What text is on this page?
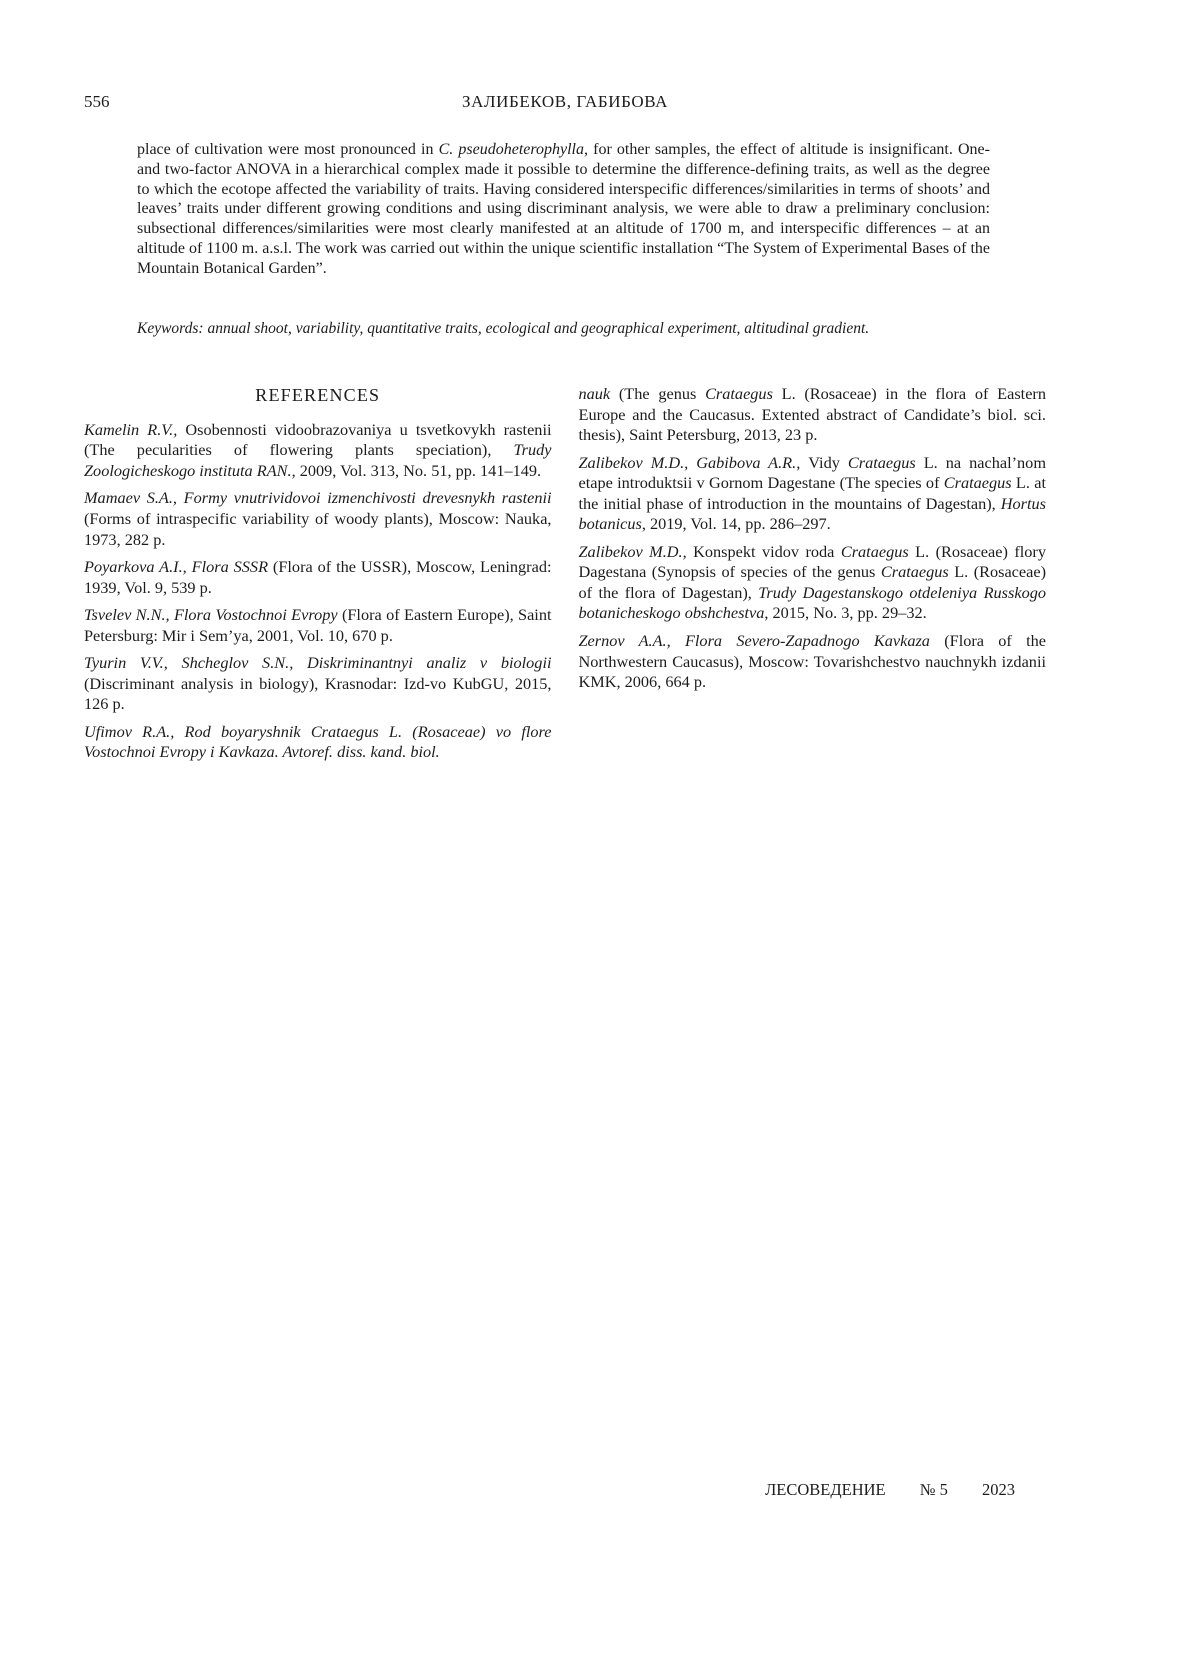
556	ЗАЛИБЕКОВ, ГАБИБОВА

place of cultivation were most pronounced in C. pseudoheterophylla, for other samples, the effect of altitude is insignificant. One- and two-factor ANOVA in a hierarchical complex made it possible to determine the difference-defining traits, as well as the degree to which the ecotope affected the variability of traits. Having considered interspecific differences/similarities in terms of shoots’ and leaves’ traits under different growing conditions and using discriminant analysis, we were able to draw a preliminary conclusion: subsectional differences/similarities were most clearly manifested at an altitude of 1700 m, and interspecific differences – at an altitude of 1100 m. a.s.l. The work was carried out within the unique scientific installation “The System of Experimental Bases of the Mountain Botanical Garden”.

Keywords: annual shoot, variability, quantitative traits, ecological and geographical experiment, altitudinal gradient.

REFERENCES

Kamelin R.V., Osobennosti vidoobrazovaniya u tsvetkovykh rastenii (The pecularities of flowering plants speciation), Trudy Zoologicheskogo instituta RAN., 2009, Vol. 313, No. 51, pp. 141–149.

Mamaev S.A., Formy vnutrividovoi izmenchivosti drevesnykh rastenii (Forms of intraspecific variability of woody plants), Moscow: Nauka, 1973, 282 p.

Poyarkova A.I., Flora SSSR (Flora of the USSR), Moscow, Leningrad: 1939, Vol. 9, 539 p.

Tsvelev N.N., Flora Vostochnoi Evropy (Flora of Eastern Europe), Saint Petersburg: Mir i Sem’ya, 2001, Vol. 10, 670 p.

Tyurin V.V., Shcheglov S.N., Diskriminantnyi analiz v biologii (Discriminant analysis in biology), Krasnodar: Izd-vo KubGU, 2015, 126 p.

Ufimov R.A., Rod boyaryshnik Crataegus L. (Rosaceae) vo flore Vostochnoi Evropy i Kavkaza. Avtoref. diss. kand. biol.

nauk (The genus Crataegus L. (Rosaceae) in the flora of Eastern Europe and the Caucasus. Extented abstract of Candidate’s biol. sci. thesis), Saint Petersburg, 2013, 23 p.

Zalibekov M.D., Gabibova A.R., Vidy Crataegus L. na nachal’nom etape introduktsii v Gornom Dagestane (The species of Crataegus L. at the initial phase of introduction in the mountains of Dagestan), Hortus botanicus, 2019, Vol. 14, pp. 286–297.

Zalibekov M.D., Konspekt vidov roda Crataegus L. (Rosaceae) flory Dagestana (Synopsis of species of the genus Crataegus L. (Rosaceae) of the flora of Dagestan), Trudy Dagestanskogo otdeleniya Russkogo botanicheskogo obshchestva, 2015, No. 3, pp. 29–32.

Zernov A.A., Flora Severo-Zapadnogo Kavkaza (Flora of the Northwestern Caucasus), Moscow: Tovarishchestvo nauchnykh izdanii KMK, 2006, 664 p.

ЛЕСОВЕДЕНИЕ № 5 2023
